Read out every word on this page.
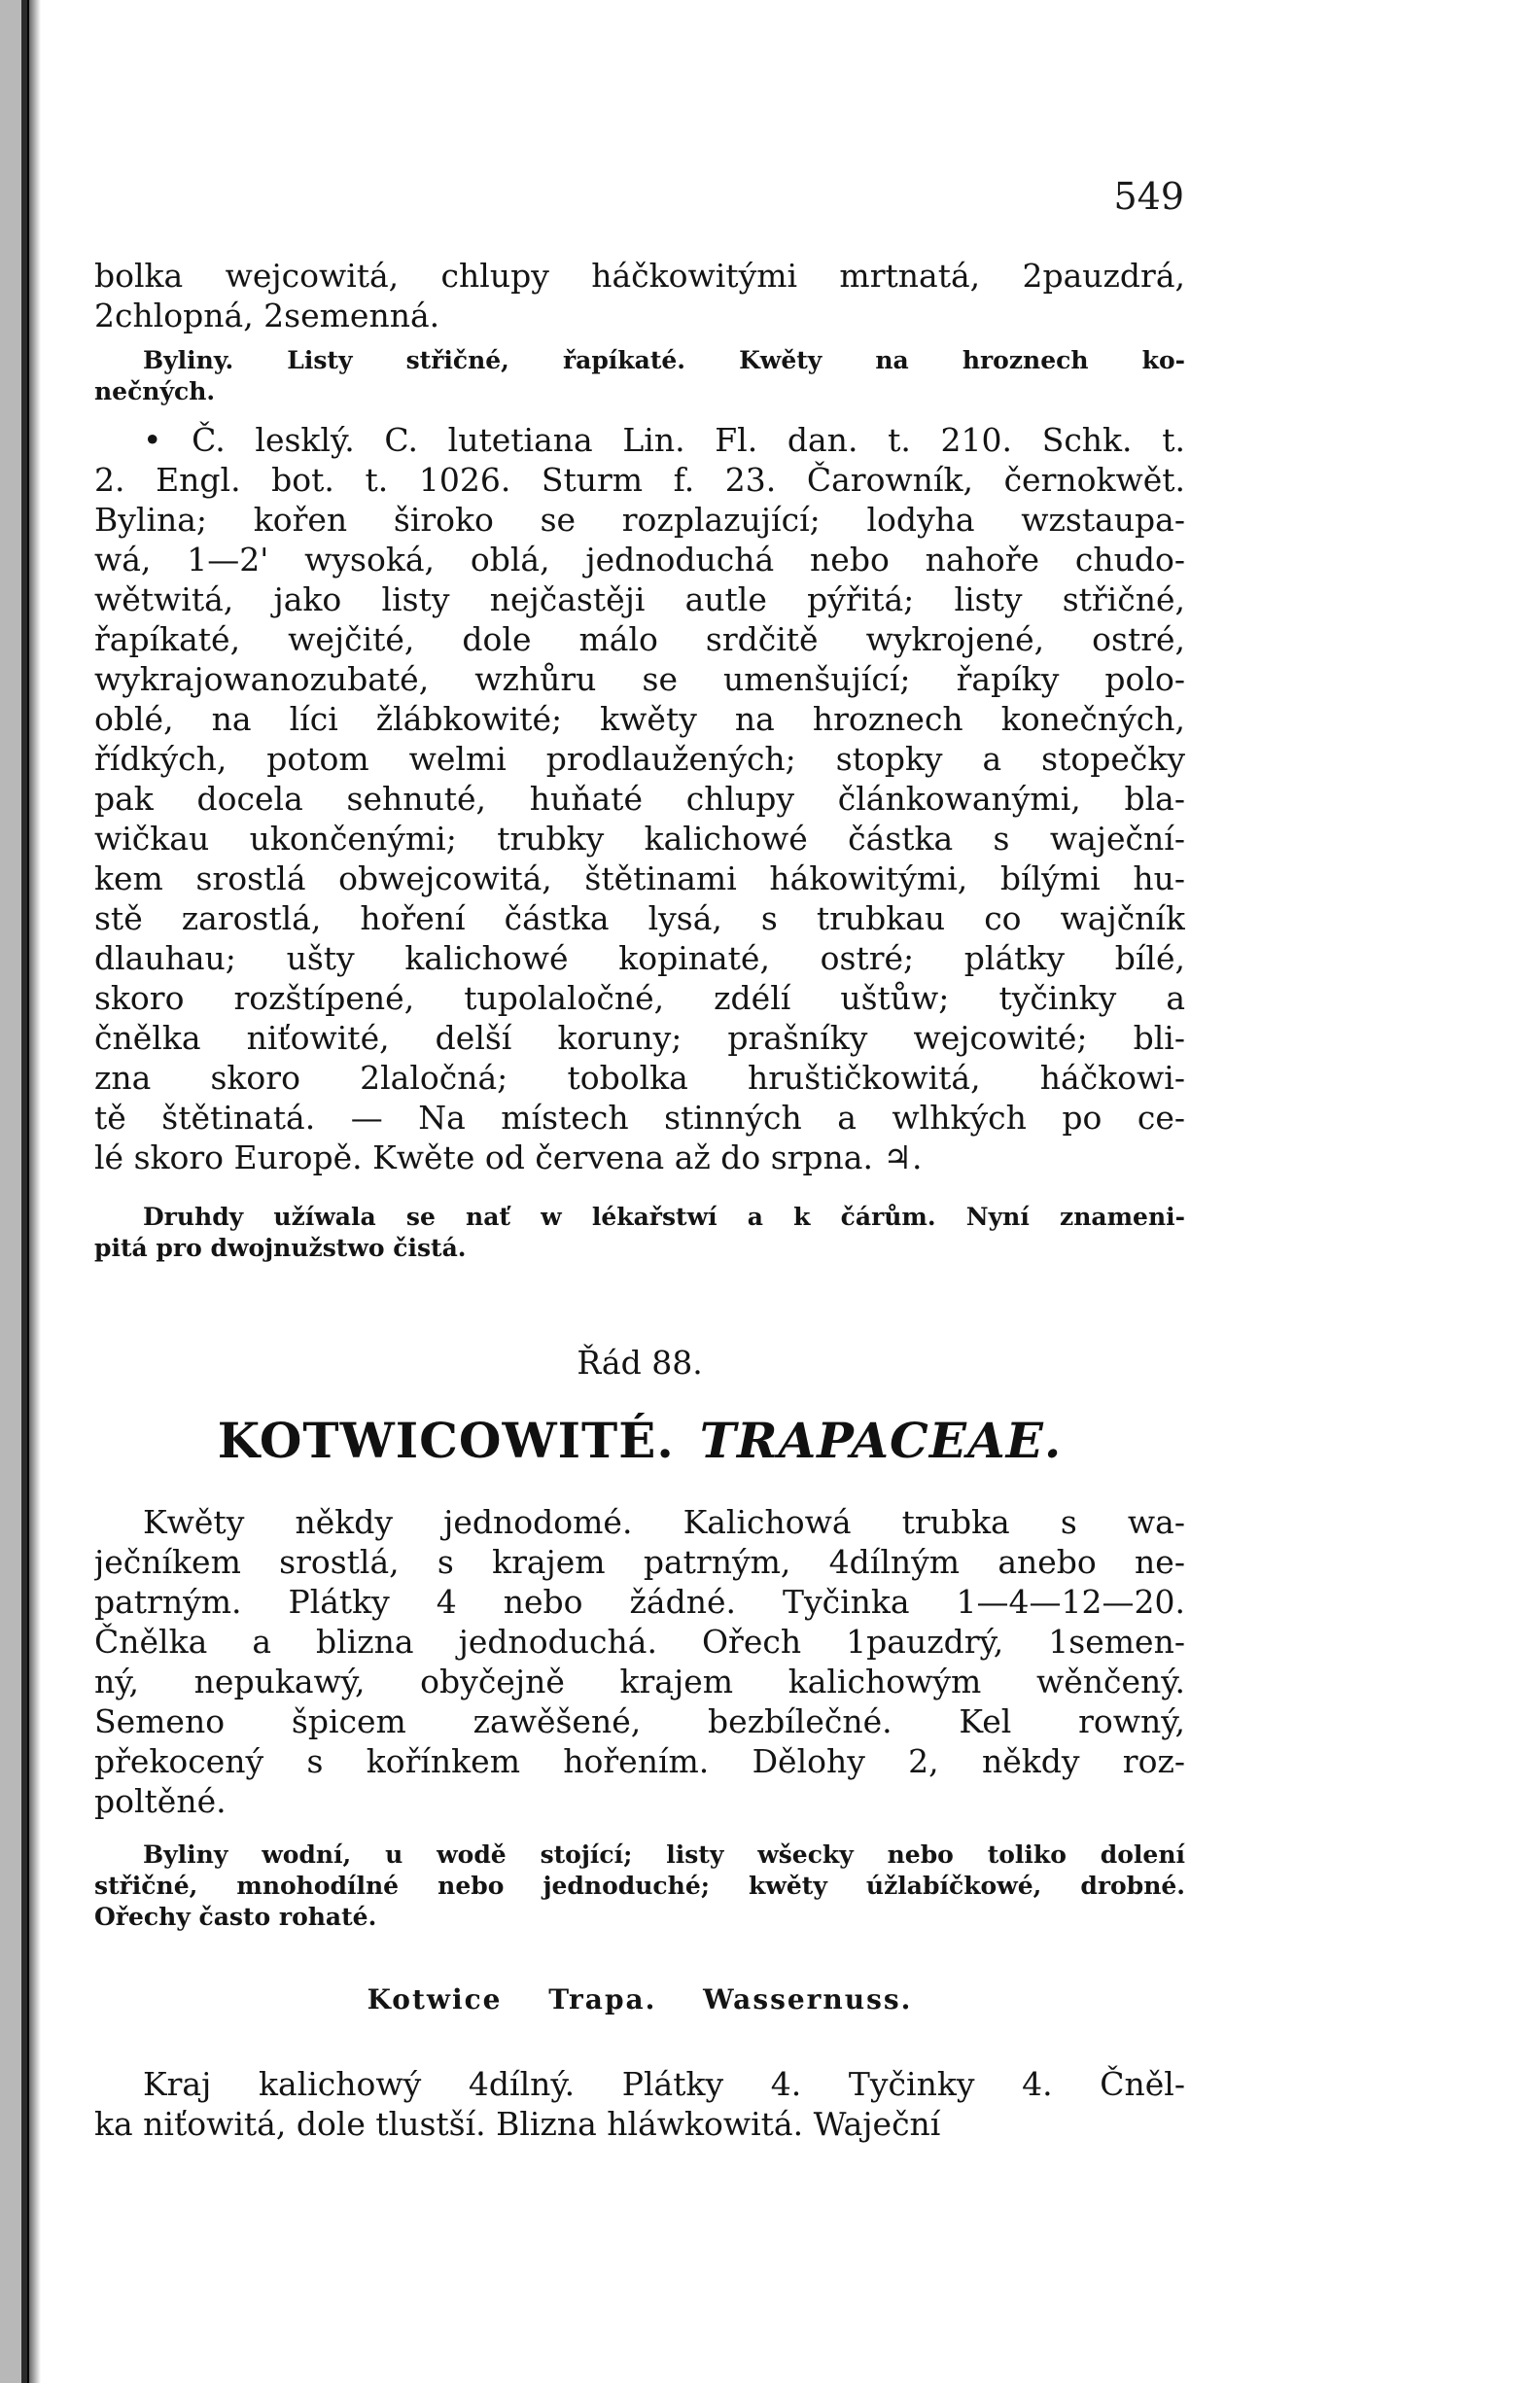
549
bolka wejcowitá, chlupy háčkowitými mrtnatá, 2pauzdrá,
2chlopná, 2semenná.
Byliny. Listy střičné, řapíkaté. Kwěty na hroznech ko-
nečných.
• Č. lesklý. C. lutetiana Lin. Fl. dan. t. 210. Schk. t.
2. Engl. bot. t. 1026. Sturm f. 23. Čarowník, černokwět.
Bylina; kořen široko se rozplazující; lodyha wzstaupa-
wá, 1—2' wysoká, oblá, jednoduchá nebo nahoře chudo-
wětwitá, jako listy nejčastěji autle pýřitá; listy střičné,
řapíkaté, wejčité, dole málo srdčitě wykrojené, ostré,
wykrajowanozubaté, wzhůru se umenšující; řapíky polo-
oblé, na líci žlábkowité; kwěty na hroznech konečných,
řídkých, potom welmi prodlaužených; stopky a stopečky
pak docela sehnuté, huňaté chlupy článkowanými, bla-
wičkau ukončenými; trubky kalichowé částka s waječní-
kem srostlá obwejcowitá, štětinami hákowitými, bílými hu-
stě zarostlá, hoření částka lysá, s trubkau co wajčník
dlauhau; ušty kalichowé kopinaté, ostré; plátky bílé,
skoro rozštípené, tupolaločné, zdélí uštůw; tyčinky a
čnělka niťowité, delší koruny; prašníky wejcowité; bli-
zna skoro 2laločná; tobolka hruštičkowitá, háčkowi-
tě štětinatá. — Na místech stinných a wlhkých po ce-
lé skoro Europě. Kwěte od červena až do srpna. ♃.
Druhdy užíwala se nať w lékařstwí a k čárům. Nyní znameni-
pitá pro dwojnužstwo čistá.
Řád 88.
KOTWICOWITÉ. TRAPACEAE.
Kwěty někdy jednodomé. Kalichowá trubka s wa-
ječníkem srostlá, s krajem patrným, 4dílným anebo ne-
patrným. Plátky 4 nebo žádné. Tyčinka 1—4—12—20.
Čnělka a blizna jednoduchá. Ořech 1pauzdrý, 1semen-
ný, nepukawý, obyčejně krajem kalichowým wěnčený.
Semeno špicem zawěšené, bezbílečné. Kel rowný,
překocený s kořínkem hořením. Dělohy 2, někdy roz-
poltěné.
Byliny wodní, u wodě stojící; listy wšecky nebo toliko dolení
střičné, mnohodílné nebo jednoduché; kwěty úžlabíčkowé, drobné.
Ořechy často rohaté.
Kotwice Trapa. Wassernuss.
Kraj kalichowý 4dílný. Plátky 4. Tyčinky 4. Čněl-
ka niťowitá, dole tlustší. Blizna hláwkowitá. Waječní
